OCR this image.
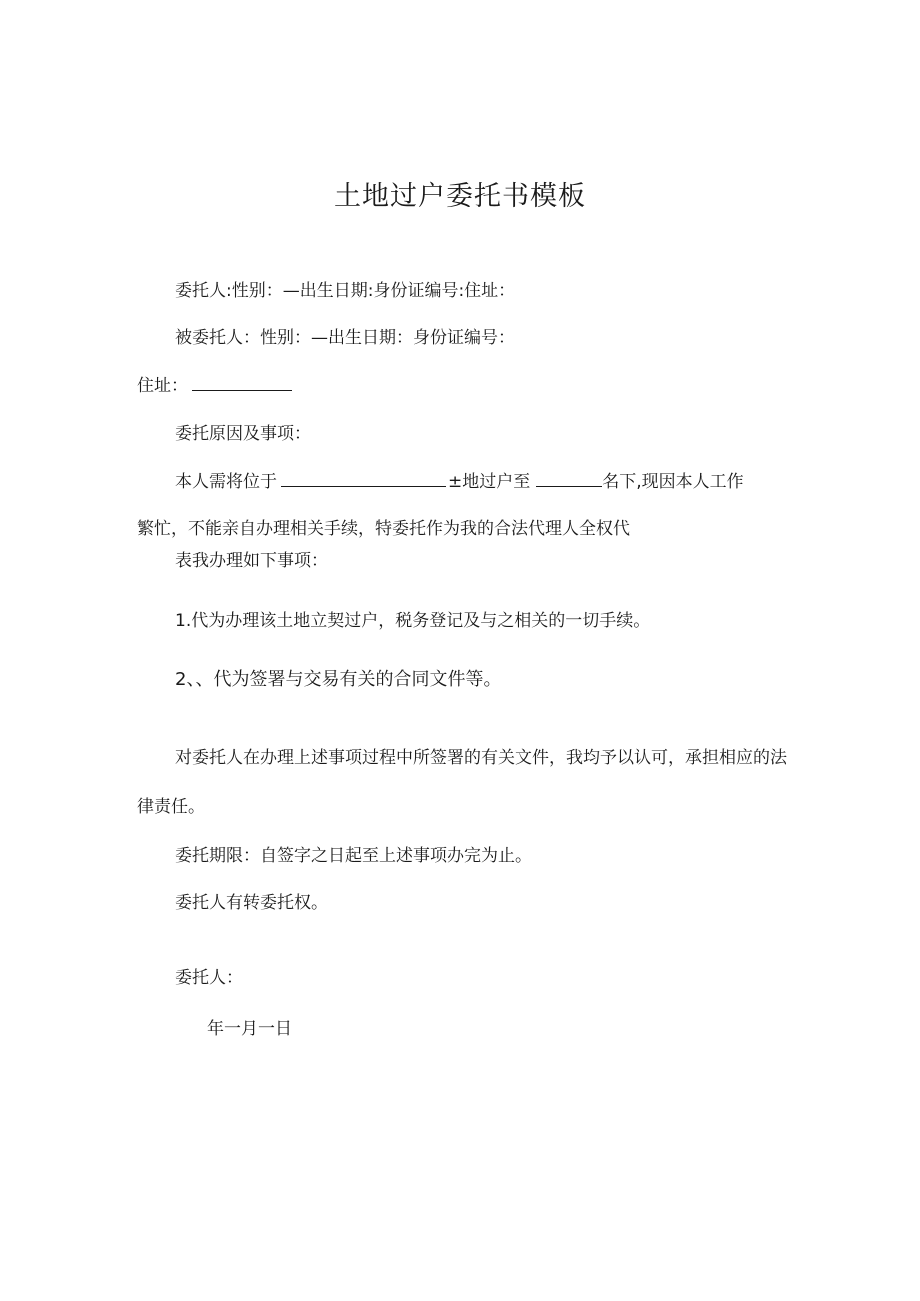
土地过户委托书模板
委托人:性别：—出生日期:身份证编号:住址：
被委托人：性别：—出生日期：身份证编号：
住址：
委托原因及事项：
本人需将位于	±地过户至	名下,现因本人工作
繁忙，不能亲自办理相关手续，特委托作为我的合法代理人全权代
表我办理如下事项：
1.代为办理该土地立契过户，税务登记及与之相关的一切手续。
2、、代为签署与交易有关的合同文件等。
对委托人在办理上述事项过程中所签署的有关文件，我均予以认可，承担相应的法
律责任。
委托期限：自签字之日起至上述事项办完为止。
委托人有转委托权。
委托人：
年一月一日
